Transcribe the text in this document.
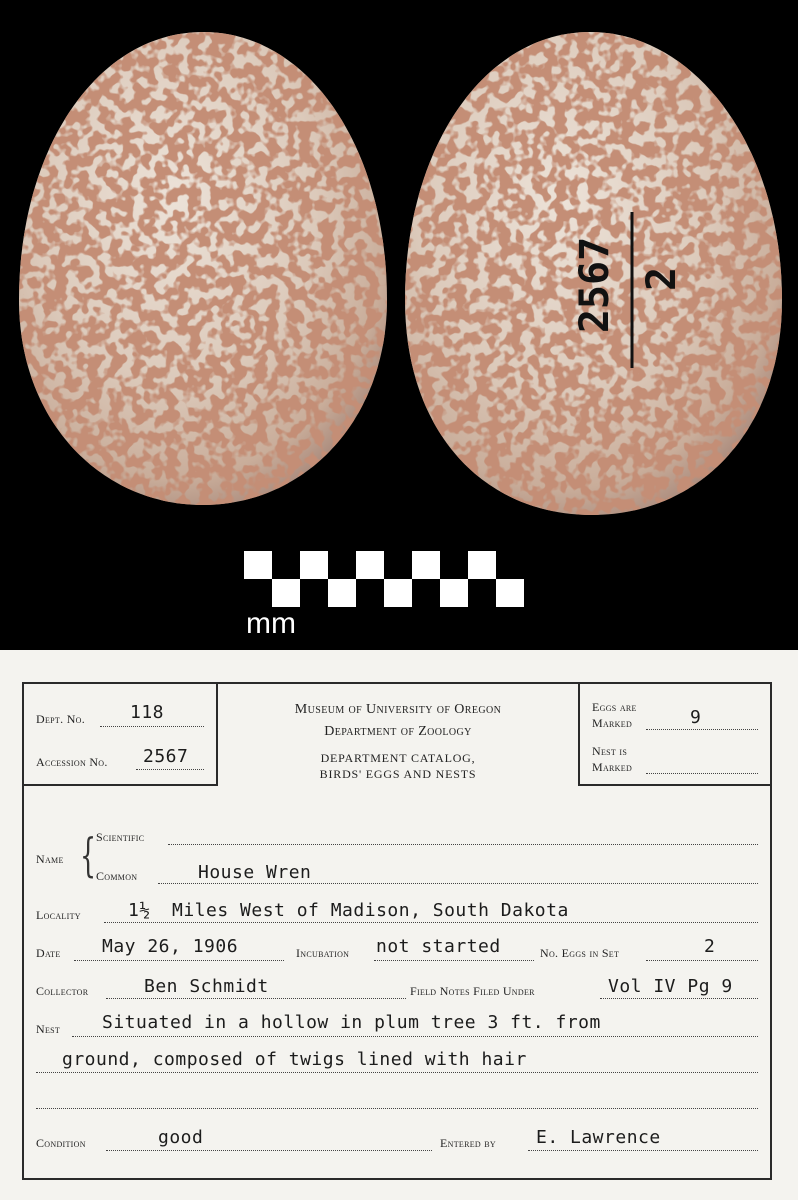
2567 2
mm
Museum of University of Oregon
Department of Zoology
DEPARTMENT CATALOG,
BIRDS' EGGS AND NESTS
Dept. No. 118
Accession No. 2567
Eggs are
Marked	9
Nest is
Marked
Name { Scientific
Common	House Wren
Locality	1½ Miles West of Madison, South Dakota
Date May 26, 1906	Incubation not started	No. Eggs in Set	2
Collector	Ben Schmidt	Field Notes Filed Under	Vol IV Pg 9
Nest Situated in a hollow in plum tree 3 ft. from
ground, composed of twigs lined with hair
Condition	good	Entered by E. Lawrence
